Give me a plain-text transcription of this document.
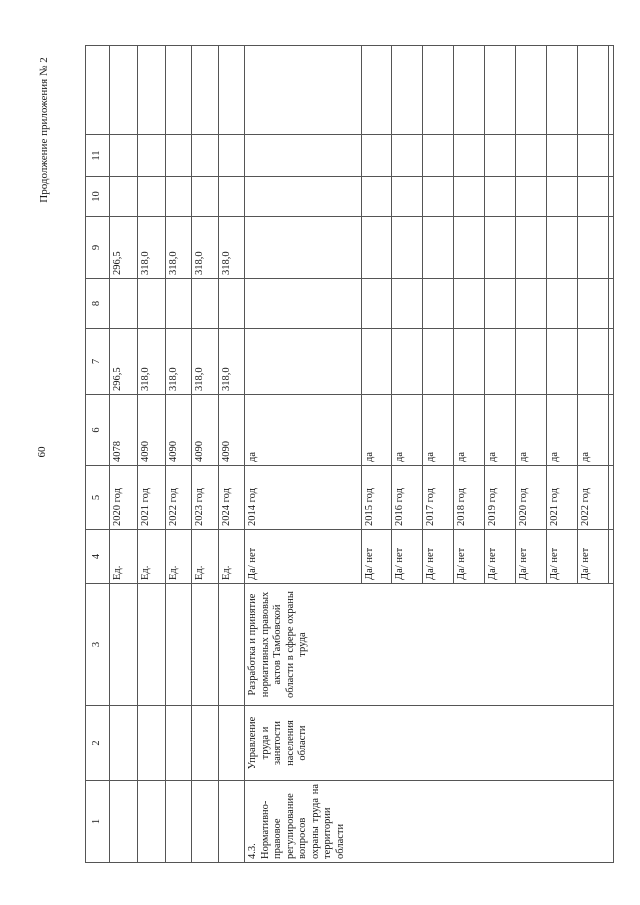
60
Продолжение приложения № 2
1	2	3	4	5	6	7	8	9	10	11	
			Ед.	2020 год	4078	296,5		296,5			
			Ед.	2021 год	4090	318,0		318,0			
			Ед.	2022 год	4090	318,0		318,0			
			Ед.	2023 год	4090	318,0		318,0			
			Ед.	2024 год	4090	318,0		318,0			
4.3. Нормативно-правовое регулирование вопросов охраны труда на территории области	Управление труда и занятости населения области	Разработка и принятие нормативных правовых актов Тамбовской области в сфере охраны труда	Да/ нет	2014 год	да						
			Да/ нет	2015 год	да						
			Да/ нет	2016 год	да						
			Да/ нет	2017 год	да						
			Да/ нет	2018 год	да						
			Да/ нет	2019 год	да						
			Да/ нет	2020 год	да						
			Да/ нет	2021 год	да						
			Да/ нет	2022 год	да						
